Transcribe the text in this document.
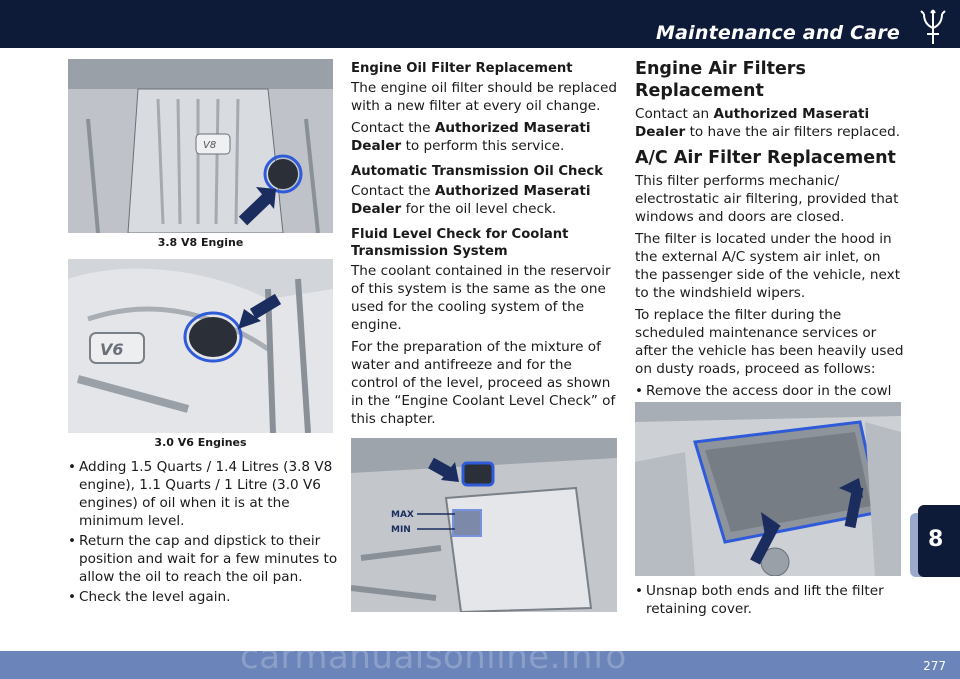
Maintenance and Care
8
V8
3.8 V8 Engine
V6
3.0 V6 Engines
• Adding 1.5 Quarts / 1.4 Litres (3.8 V8 engine), 1.1 Quarts / 1 Litre (3.0 V6 engines) of oil when it is at the minimum level.
• Return the cap and dipstick to their position and wait for a few minutes to allow the oil to reach the oil pan.
• Check the level again.
Engine Oil Filter Replacement

The engine oil filter should be replaced with a new filter at every oil change.

Contact the Authorized Maserati Dealer to perform this service.

Automatic Transmission Oil Check

Contact the Authorized Maserati Dealer for the oil level check.

Fluid Level Check for Coolant Transmission System

The coolant contained in the reservoir of this system is the same as the one used for the cooling system of the engine.

For the preparation of the mixture of water and antifreeze and for the control of the level, proceed as shown in the “Engine Coolant Level Check” of this chapter.

MAX
MIN
Engine Air Filters Replacement

Contact an Authorized Maserati Dealer to have the air filters replaced.

A/C Air Filter Replacement

This filter performs mechanic/ electrostatic air filtering, provided that windows and doors are closed.

The filter is located under the hood in the external A/C system air inlet, on the passenger side of the vehicle, next to the windshield wipers.

To replace the filter during the scheduled maintenance services or after the vehicle has been heavily used on dusty roads, proceed as follows:

• Remove the access door in the cowl
• Unsnap both ends and lift the filter retaining cover.
carmanualsonline.info	277
